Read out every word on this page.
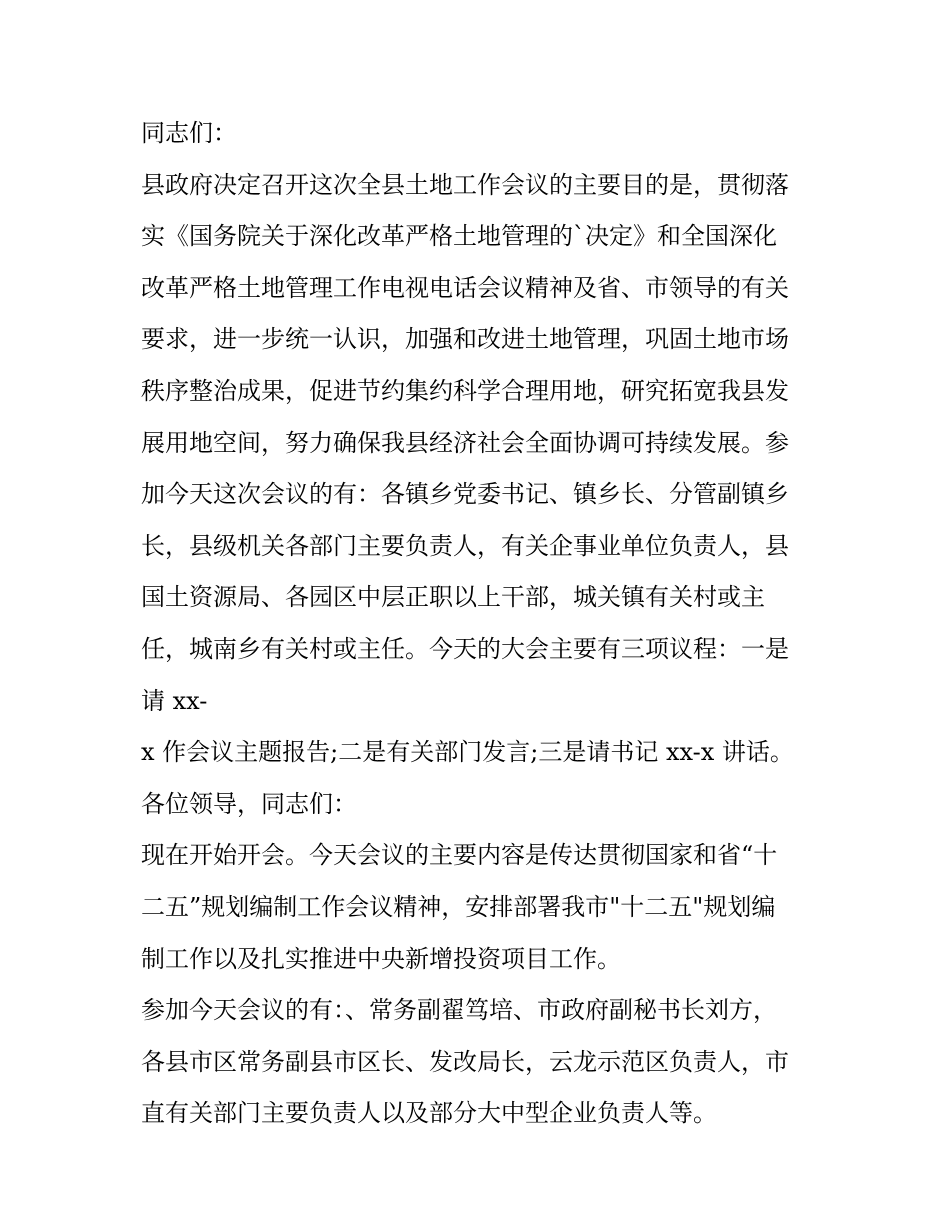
同志们：
县政府决定召开这次全县土地工作会议的主要目的是，贯彻落
实《国务院关于深化改革严格土地管理的`决定》和全国深化
改革严格土地管理工作电视电话会议精神及省、市领导的有关
要求，进一步统一认识，加强和改进土地管理，巩固土地市场
秩序整治成果，促进节约集约科学合理用地，研究拓宽我县发
展用地空间，努力确保我县经济社会全面协调可持续发展。参
加今天这次会议的有：各镇乡党委书记、镇乡长、分管副镇乡
长，县级机关各部门主要负责人，有关企事业单位负责人，县
国土资源局、各园区中层正职以上干部，城关镇有关村或主
任，城南乡有关村或主任。今天的大会主要有三项议程：一是
请 xx-
x 作会议主题报告;二是有关部门发言;三是请书记 xx-x 讲话。
各位领导，同志们：
现在开始开会。今天会议的主要内容是传达贯彻国家和省“十
二五”规划编制工作会议精神，安排部署我市"十二五"规划编
制工作以及扎实推进中央新增投资项目工作。
参加今天会议的有：、常务副翟笃培、市政府副秘书长刘方，
各县市区常务副县市区长、发改局长，云龙示范区负责人，市
直有关部门主要负责人以及部分大中型企业负责人等。
